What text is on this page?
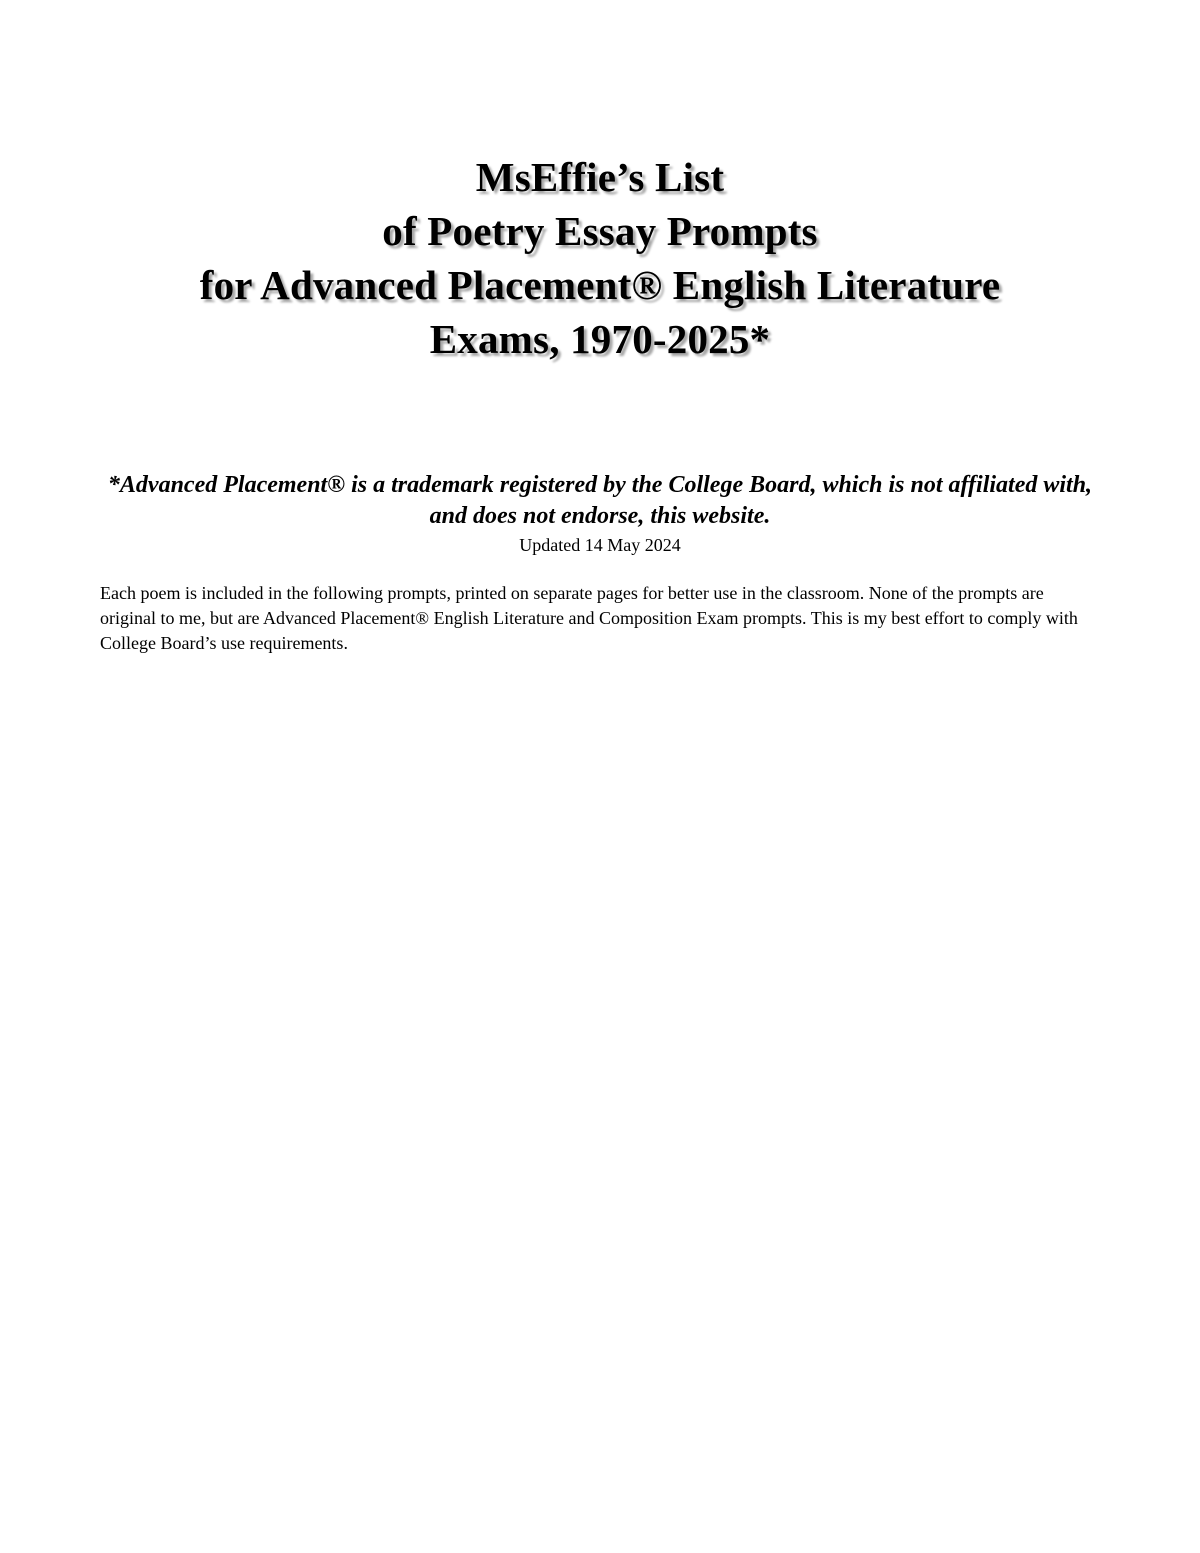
MsEffie’s List
of Poetry Essay Prompts
for Advanced Placement® English Literature
Exams, 1970-2025*

*Advanced Placement® is a trademark registered by the College Board, which is not affiliated with, and does not endorse, this website.

Updated 14 May 2024

Each poem is included in the following prompts, printed on separate pages for better use in the classroom. None of the prompts are original to me, but are Advanced Placement® English Literature and Composition Exam prompts. This is my best effort to comply with College Board’s use requirements.
